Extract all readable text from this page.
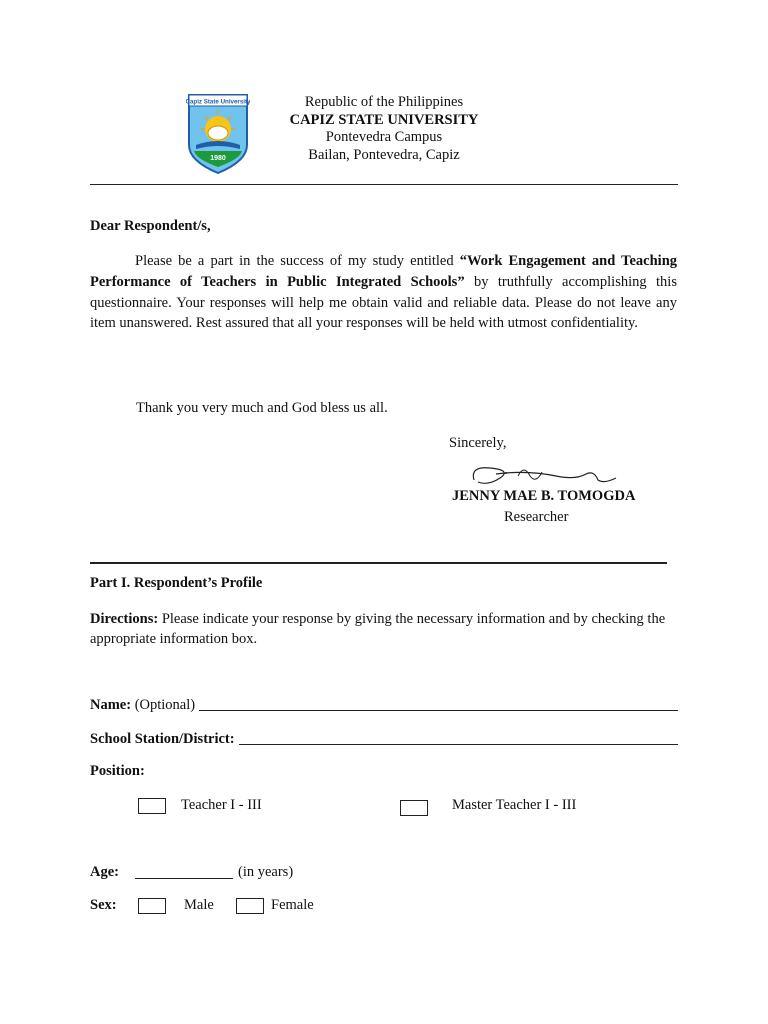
Capiz State University
1980
Republic of the Philippines
CAPIZ STATE UNIVERSITY
Pontevedra Campus
Bailan, Pontevedra, Capiz
Dear Respondent/s,
Please be a part in the success of my study entitled “Work Engagement and Teaching Performance of Teachers in Public Integrated Schools” by truthfully accomplishing this questionnaire. Your responses will help me obtain valid and reliable data. Please do not leave any item unanswered. Rest assured that all your responses will be held with utmost confidentiality.
Thank you very much and God bless us all.
Sincerely,
JENNY MAE B. TOMOGDA
Researcher
Part I. Respondent’s Profile
Directions: Please indicate your response by giving the necessary information and by checking the appropriate information box.
Name: (Optional)
School Station/District:
Position:
Teacher I - III	Master Teacher I - III
Age:	(in years)
Sex:	Male	Female
